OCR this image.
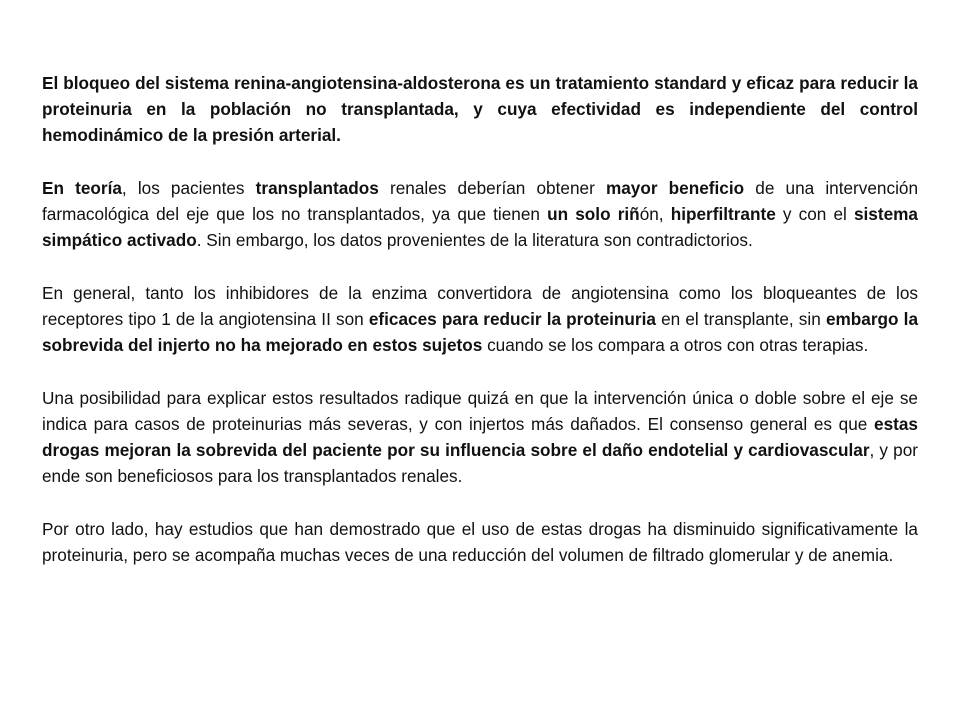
El bloqueo del sistema renina-angiotensina-aldosterona es un tratamiento standard y eficaz para reducir la proteinuria en la población no transplantada, y cuya efectividad es independiente del control hemodinámico de la presión arterial.

En teoría, los pacientes transplantados renales deberían obtener mayor beneficio de una intervención farmacológica del eje que los no transplantados, ya que tienen un solo riñón, hiperfiltrante y con el sistema simpático activado. Sin embargo, los datos provenientes de la literatura son contradictorios.

En general, tanto los inhibidores de la enzima convertidora de angiotensina como los bloqueantes de los receptores tipo 1 de la angiotensina II son eficaces para reducir la proteinuria en el transplante, sin embargo la sobrevida del injerto no ha mejorado en estos sujetos cuando se los compara a otros con otras terapias.

Una posibilidad para explicar estos resultados radique quizá en que la intervención única o doble sobre el eje se indica para casos de proteinurias más severas, y con injertos más dañados. El consenso general es que estas drogas mejoran la sobrevida del paciente por su influencia sobre el daño endotelial y cardiovascular, y por ende son beneficiosos para los transplantados renales.

Por otro lado, hay estudios que han demostrado que el uso de estas drogas ha disminuido significativamente la proteinuria, pero se acompaña muchas veces de una reducción del volumen de filtrado glomerular y de anemia.
